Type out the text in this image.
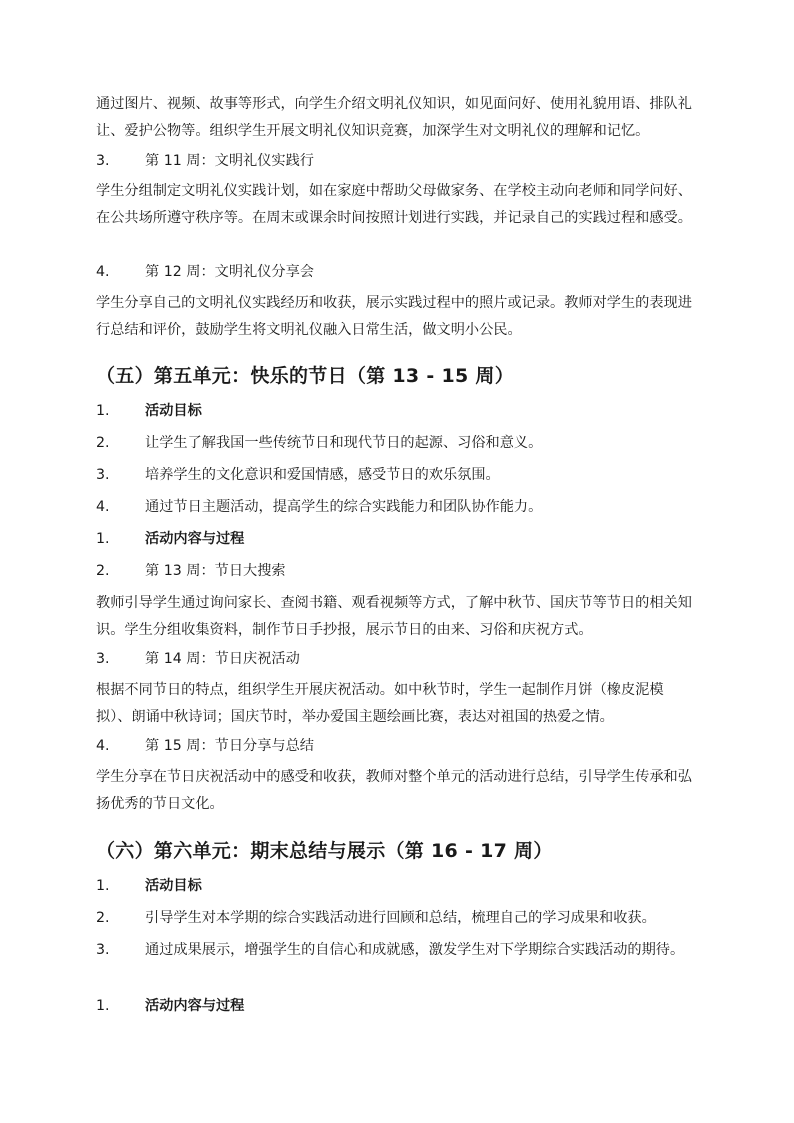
通过图片、视频、故事等形式，向学生介绍文明礼仪知识，如见面问好、使用礼貌用语、排队礼让、爱护公物等。组织学生开展文明礼仪知识竞赛，加深学生对文明礼仪的理解和记忆。

3.	第 11 周：文明礼仪实践行

学生分组制定文明礼仪实践计划，如在家庭中帮助父母做家务、在学校主动向老师和同学问好、在公共场所遵守秩序等。在周末或课余时间按照计划进行实践，并记录自己的实践过程和感受。

4.	第 12 周：文明礼仪分享会

学生分享自己的文明礼仪实践经历和收获，展示实践过程中的照片或记录。教师对学生的表现进行总结和评价，鼓励学生将文明礼仪融入日常生活，做文明小公民。

（五）第五单元：快乐的节日（第 13 - 15 周）
1.	活动目标
2.	让学生了解我国一些传统节日和现代节日的起源、习俗和意义。
3.	培养学生的文化意识和爱国情感，感受节日的欢乐氛围。
4.	通过节日主题活动，提高学生的综合实践能力和团队协作能力。
1.	活动内容与过程
2.	第 13 周：节日大搜索

教师引导学生通过询问家长、查阅书籍、观看视频等方式，了解中秋节、国庆节等节日的相关知识。学生分组收集资料，制作节日手抄报，展示节日的由来、习俗和庆祝方式。

3.	第 14 周：节日庆祝活动

根据不同节日的特点，组织学生开展庆祝活动。如中秋节时，学生一起制作月饼（橡皮泥模拟）、朗诵中秋诗词；国庆节时，举办爱国主题绘画比赛，表达对祖国的热爱之情。

4.	第 15 周：节日分享与总结

学生分享在节日庆祝活动中的感受和收获，教师对整个单元的活动进行总结，引导学生传承和弘扬优秀的节日文化。

（六）第六单元：期末总结与展示（第 16 - 17 周）
1.	活动目标
2.	引导学生对本学期的综合实践活动进行回顾和总结，梳理自己的学习成果和收获。
3.	通过成果展示，增强学生的自信心和成就感，激发学生对下学期综合实践活动的期待。
1.	活动内容与过程
